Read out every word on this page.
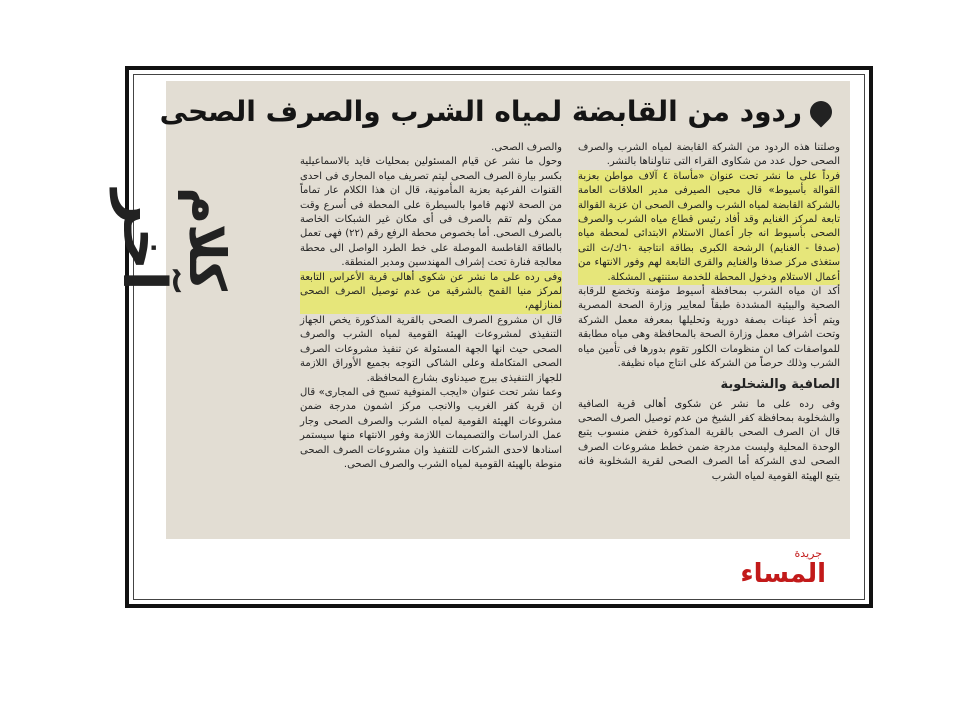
ردود من القابضة لمياه الشرب والصرف الصحى
آخر كلام

وصلتنا هذه الردود من الشركة القابضة لمياه الشرب والصرف الصحى حول عدد من شكاوى القراء التى تناولناها بالنشر.

فرداً على ما نشر تحت عنوان «مأساة ٤ آلاف مواطن بعزبة القوالة بأسيوط» قال محيى الصيرفى مدير العلاقات العامة بالشركة القابضة لمياه الشرب والصرف الصحى ان عزبة القوالة تابعة لمركز الغنايم وقد أفاد رئيس قطاع مياه الشرب والصرف الصحى بأسيوط انه جار أعمال الاستلام الابتدائى لمحطة مياه (صدفا - الغنايم) الرشحة الكبرى بطاقة انتاجية ٦٠ك/ث التى ستغذى مركز صدفا والغنايم والقرى التابعة لهم وفور الانتهاء من أعمال الاستلام ودخول المحطة للخدمة ستنتهى المشكلة.

أكد ان مياه الشرب بمحافظة أسيوط مؤمنة وتخضع للرقابة الصحية والبيئية المشددة طبقاً لمعايير وزارة الصحة المصرية ويتم أخذ عينات بصفة دورية وتحليلها بمعرفة معمل الشركة وتحت اشراف معمل وزارة الصحة بالمحافظة وهى مياه مطابقة للمواصفات كما ان منظومات الكلور تقوم بدورها فى تأمين مياه الشرب وذلك حرصاً من الشركة على انتاج مياه نظيفة.

الصافية والشخلوبة

وفى رده على ما نشر عن شكوى أهالى قرية الصافية والشخلوبة بمحافظة كفر الشيخ من عدم توصيل الصرف الصحى قال ان الصرف الصحى بالقرية المذكورة خفض منسوب يتبع الوحدة المحلية وليست مدرجة ضمن خطط مشروعات الصرف الصحى لدى الشركة أما الصرف الصحى لقرية الشخلوبة فانه يتبع الهيئة القومية لمياه الشرب

والصرف الصحى.

وحول ما نشر عن قيام المسئولين بمحليات فايد بالاسماعيلية بكسر بيارة الصرف الصحى ليتم تصريف مياه المجارى فى احدى القنوات الفرعية بعزبة المأمونية، قال ان هذا الكلام عار تماماً من الصحة لانهم قاموا بالسيطرة على المحطة فى أسرع وقت ممكن ولم تقم بالصرف فى أى مكان غير الشبكات الخاصة بالصرف الصحى. أما بخصوص محطة الرفع رقم (٢٢) فهى تعمل بالطاقة القاطسة الموصلة على خط الطرد الواصل الى محطة معالجة فنارة تحت إشراف المهندسين ومدير المنطقة.

وفى رده على ما نشر عن شكوى أهالى قرية الأعراس التابعة لمركز منيا القمح بالشرقية من عدم توصيل الصرف الصحى لمنازلهم،

قال ان مشروع الصرف الصحى بالقرية المذكورة يخص الجهاز التنفيذى لمشروعات الهيئة القومية لمياه الشرب والصرف الصحى حيث انها الجهة المسئولة عن تنفيذ مشروعات الصرف الصحى المتكاملة وعلى الشاكى التوجه بجميع الأوراق اللازمة للجهاز التنفيذى ببرج صيدناوى بشارع المحافظة.

وعما نشر تحت عنوان «ايجب المنوفية تسبح فى المجارى» قال ان قرية كفر الغريب والانجب مركز اشمون مدرجة ضمن مشروعات الهيئة القومية لمياه الشرب والصرف الصحى وجار عمل الدراسات والتصميمات اللازمة وفور الانتهاء منها سيستمر اسنادها لاحدى الشركات للتنفيذ وان مشروعات الصرف الصحى منوطة بالهيئة القومية لمياه الشرب والصرف الصحى.

جريدة
المساء
